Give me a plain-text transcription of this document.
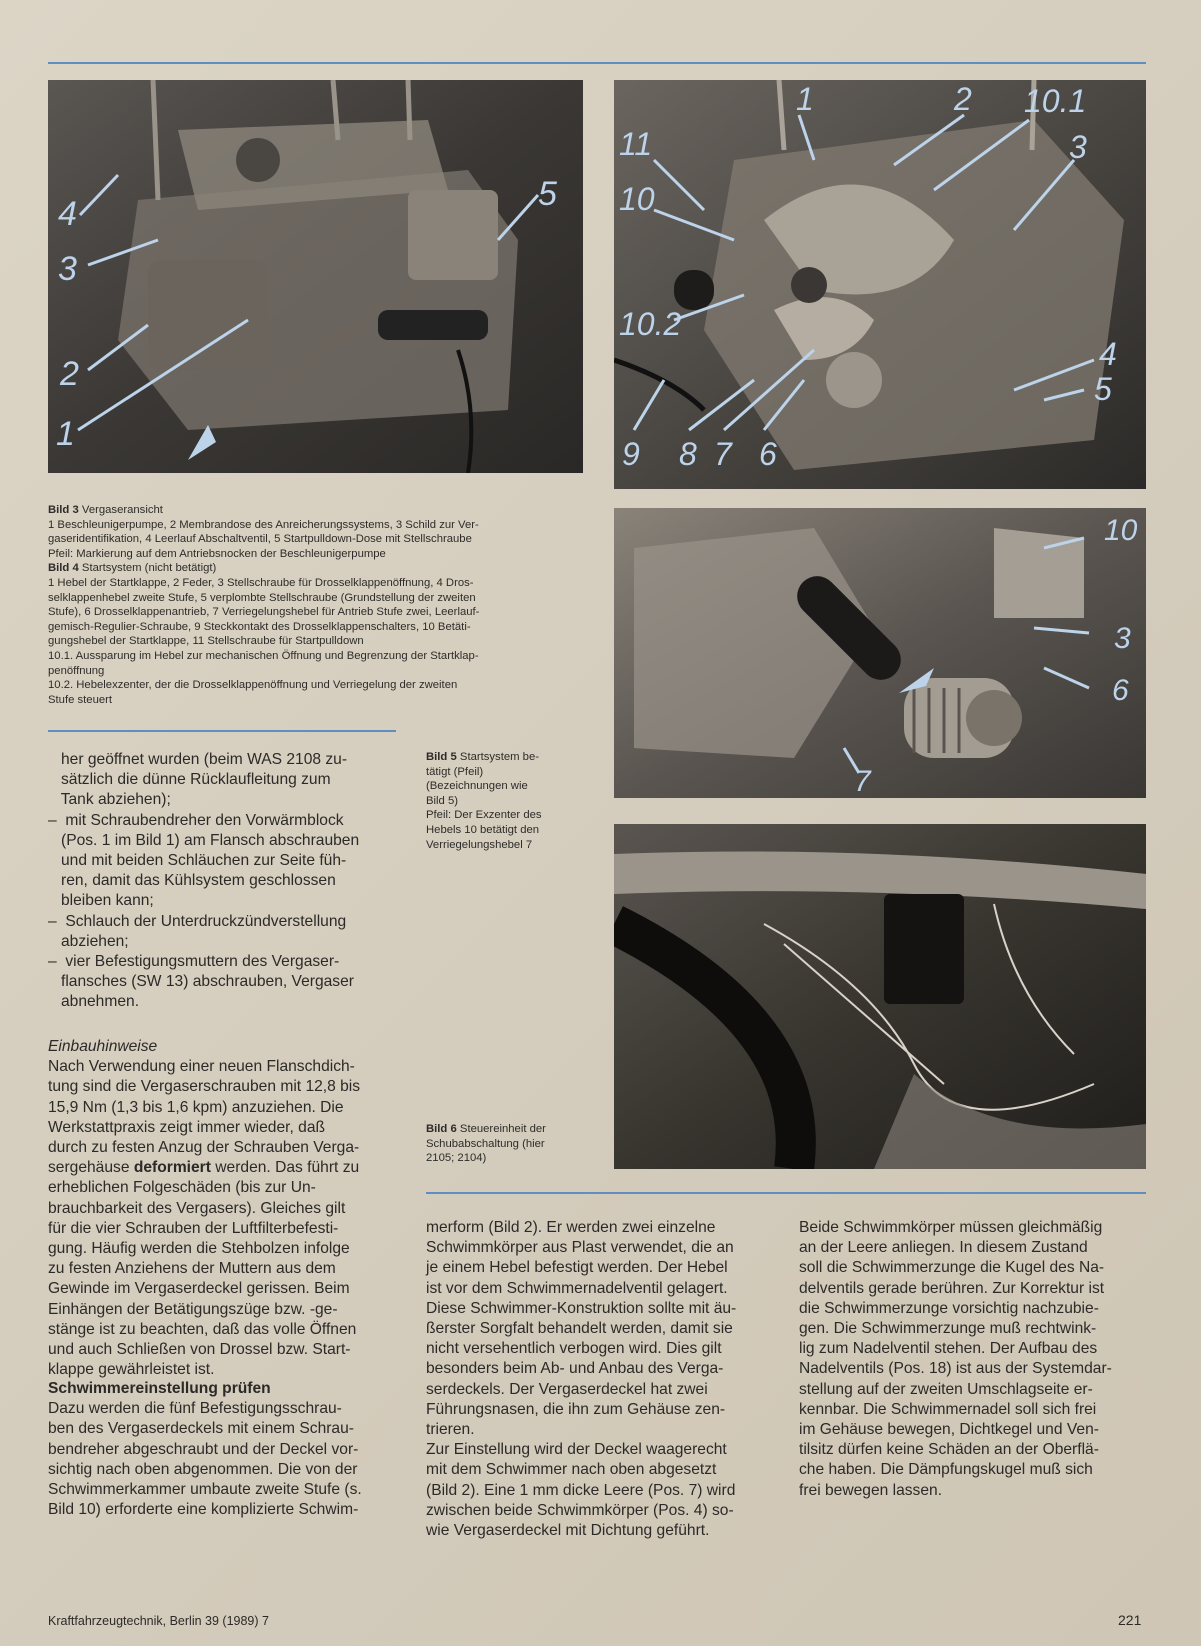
4
5
3
2
1
1	2 10.1
11	3
10
10.2
4
5
9 8 7 6
Bild 3 Vergaseransicht
1 Beschleunigerpumpe, 2 Membrandose des Anreicherungssystems, 3 Schild zur Ver-
gaseridentifikation, 4 Leerlauf Abschaltventil, 5 Startpulldown-Dose mit Stellschraube
Pfeil: Markierung auf dem Antriebsnocken der Beschleunigerpumpe
Bild 4 Startsystem (nicht betätigt)
1 Hebel der Startklappe, 2 Feder, 3 Stellschraube für Drosselklappenöffnung, 4 Dros-
selklappenhebel zweite Stufe, 5 verplombte Stellschraube (Grundstellung der zweiten
Stufe), 6 Drosselklappenantrieb, 7 Verriegelungshebel für Antrieb Stufe zwei, Leerlauf-
gemisch-Regulier-Schraube, 9 Steckkontakt des Drosselklappenschalters, 10 Betäti-
gungshebel der Startklappe, 11 Stellschraube für Startpulldown
10.1. Aussparung im Hebel zur mechanischen Öffnung und Begrenzung der Startklap-
penöffnung
10.2. Hebelexzenter, der die Drosselklappenöffnung und Verriegelung der zweiten
Stufe steuert
10
3
6
7
Bild 5 Startsystem be-
tätigt (Pfeil)
(Bezeichnungen wie
Bild 5)
Pfeil: Der Exzenter des
Hebels 10 betätigt den
Verriegelungshebel 7
Bild 6 Steuereinheit der
Schubabschaltung (hier
2105; 2104)
her geöffnet wurden (beim WAS 2108 zu-
sätzlich die dünne Rücklaufleitung zum
Tank abziehen);
–  mit Schraubendreher den Vorwärmblock
(Pos. 1 im Bild 1) am Flansch abschrauben
und mit beiden Schläuchen zur Seite füh-
ren, damit das Kühlsystem geschlossen
bleiben kann;
–  Schlauch der Unterdruckzündverstellung
abziehen;
–  vier Befestigungsmuttern des Vergaser-
flansches (SW 13) abschrauben, Vergaser
abnehmen.
Einbauhinweise
Nach Verwendung einer neuen Flanschdich-
tung sind die Vergaserschrauben mit 12,8 bis
15,9 Nm (1,3 bis 1,6 kpm) anzuziehen. Die
Werkstattpraxis zeigt immer wieder, daß
durch zu festen Anzug der Schrauben Verga-
sergehäuse deformiert werden. Das führt zu
erheblichen Folgeschäden (bis zur Un-
brauchbarkeit des Vergasers). Gleiches gilt
für die vier Schrauben der Luftfilterbefesti-
gung. Häufig werden die Stehbolzen infolge
zu festen Anziehens der Muttern aus dem
Gewinde im Vergaserdeckel gerissen. Beim
Einhängen der Betätigungszüge bzw. -ge-
stänge ist zu beachten, daß das volle Öffnen
und auch Schließen von Drossel bzw. Start-
klappe gewährleistet ist.
Schwimmereinstellung prüfen
Dazu werden die fünf Befestigungsschrau-
ben des Vergaserdeckels mit einem Schrau-
bendreher abgeschraubt und der Deckel vor-
sichtig nach oben abgenommen. Die von der
Schwimmerkammer umbaute zweite Stufe (s.
Bild 10) erforderte eine komplizierte Schwim-
merform (Bild 2). Er werden zwei einzelne
Schwimmkörper aus Plast verwendet, die an
je einem Hebel befestigt werden. Der Hebel
ist vor dem Schwimmernadelventil gelagert.
Diese Schwimmer-Konstruktion sollte mit äu-
ßerster Sorgfalt behandelt werden, damit sie
nicht versehentlich verbogen wird. Dies gilt
besonders beim Ab- und Anbau des Verga-
serdeckels. Der Vergaserdeckel hat zwei
Führungsnasen, die ihn zum Gehäuse zen-
trieren.
Zur Einstellung wird der Deckel waagerecht
mit dem Schwimmer nach oben abgesetzt
(Bild 2). Eine 1 mm dicke Leere (Pos. 7) wird
zwischen beide Schwimmkörper (Pos. 4) so-
wie Vergaserdeckel mit Dichtung geführt.
Beide Schwimmkörper müssen gleichmäßig
an der Leere anliegen. In diesem Zustand
soll die Schwimmerzunge die Kugel des Na-
delventils gerade berühren. Zur Korrektur ist
die Schwimmerzunge vorsichtig nachzubie-
gen. Die Schwimmerzunge muß rechtwink-
lig zum Nadelventil stehen. Der Aufbau des
Nadelventils (Pos. 18) ist aus der Systemdar-
stellung auf der zweiten Umschlagseite er-
kennbar. Die Schwimmernadel soll sich frei
im Gehäuse bewegen, Dichtkegel und Ven-
tilsitz dürfen keine Schäden an der Oberflä-
che haben. Die Dämpfungskugel muß sich
frei bewegen lassen.
Kraftfahrzeugtechnik, Berlin 39 (1989) 7	221
